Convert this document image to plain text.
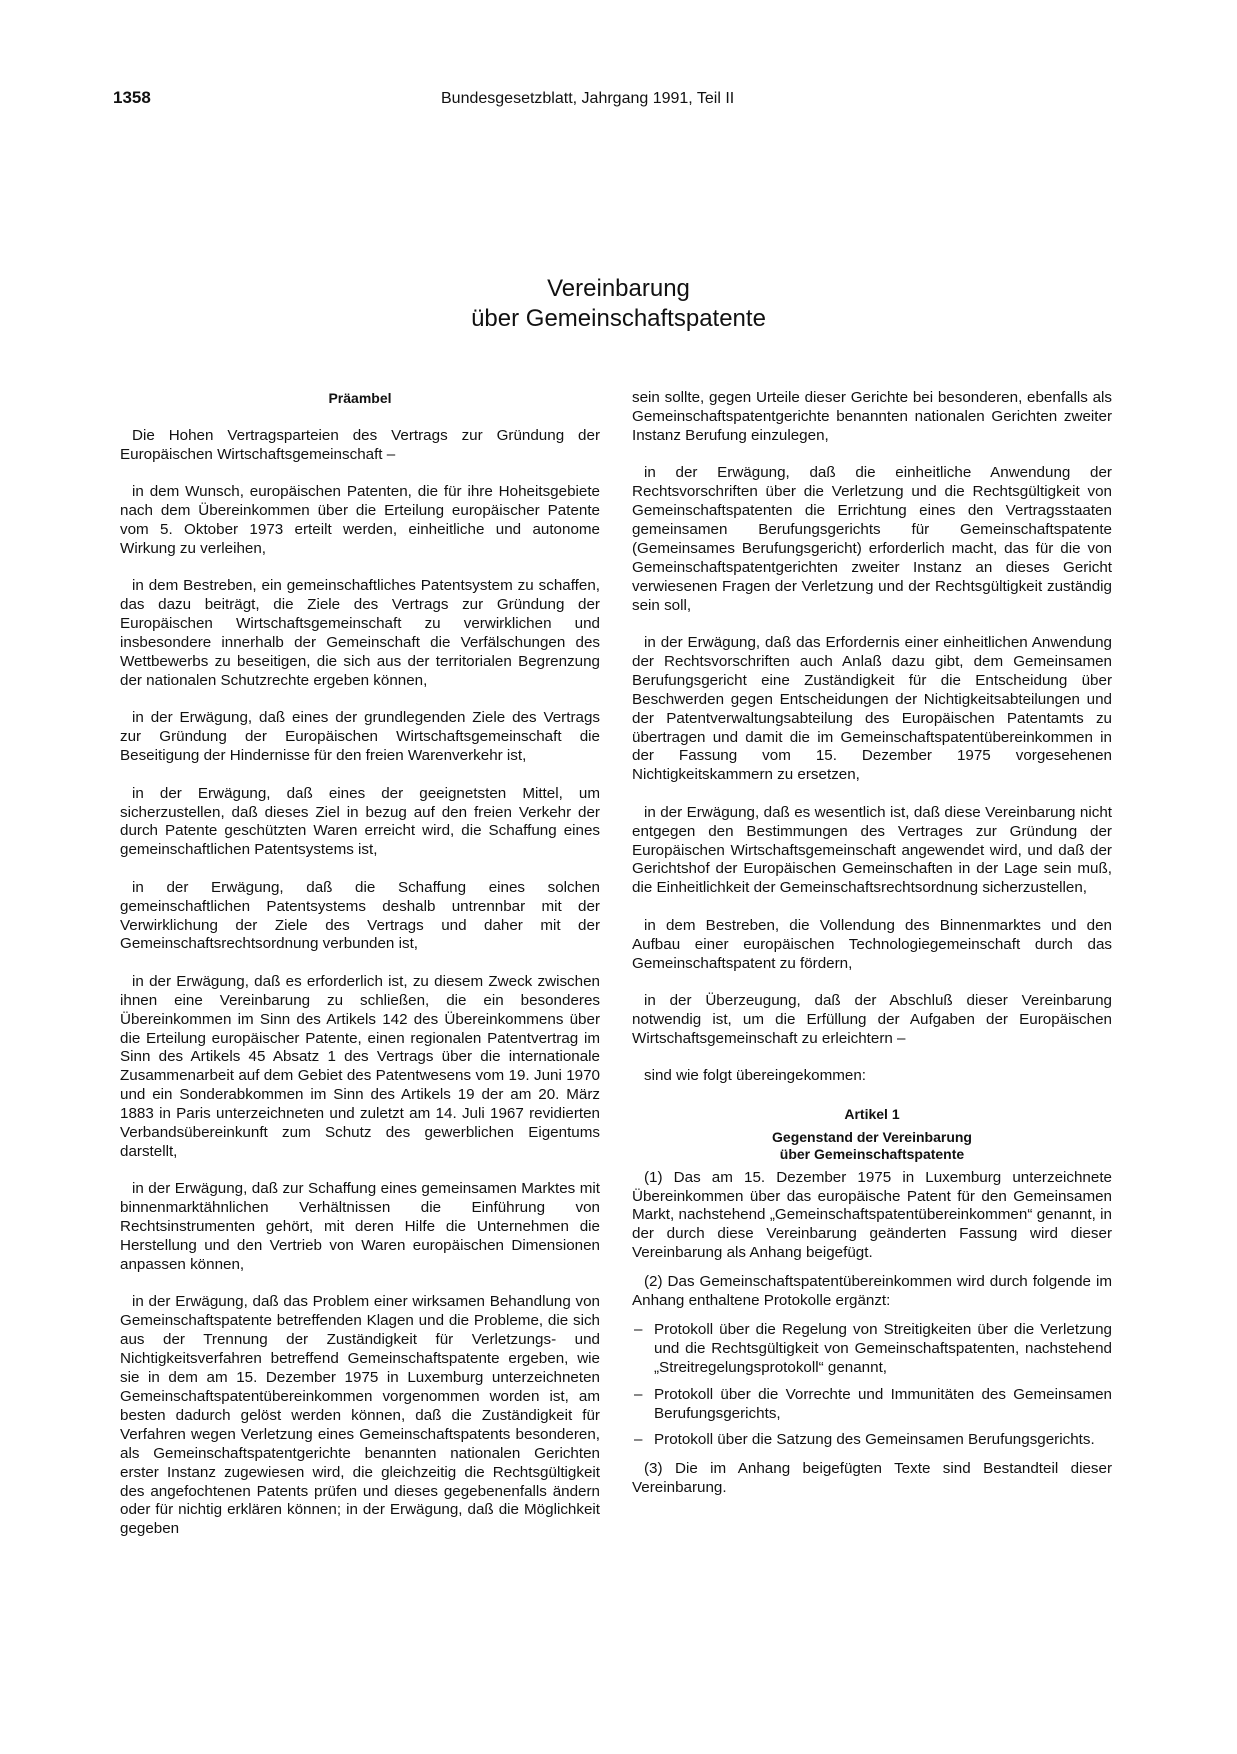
1358	Bundesgesetzblatt, Jahrgang 1991, Teil II

Vereinbarung
über Gemeinschaftspatente
Präambel

Die Hohen Vertragsparteien des Vertrags zur Gründung der Europäischen Wirtschaftsgemeinschaft –

in dem Wunsch, europäischen Patenten, die für ihre Hoheitsgebiete nach dem Übereinkommen über die Erteilung europäischer Patente vom 5. Oktober 1973 erteilt werden, einheitliche und autonome Wirkung zu verleihen,

in dem Bestreben, ein gemeinschaftliches Patentsystem zu schaffen, das dazu beiträgt, die Ziele des Vertrags zur Gründung der Europäischen Wirtschaftsgemeinschaft zu verwirklichen und insbesondere innerhalb der Gemeinschaft die Verfälschungen des Wettbewerbs zu beseitigen, die sich aus der territorialen Begrenzung der nationalen Schutzrechte ergeben können,

in der Erwägung, daß eines der grundlegenden Ziele des Vertrags zur Gründung der Europäischen Wirtschaftsgemeinschaft die Beseitigung der Hindernisse für den freien Warenverkehr ist,

in der Erwägung, daß eines der geeignetsten Mittel, um sicherzustellen, daß dieses Ziel in bezug auf den freien Verkehr der durch Patente geschützten Waren erreicht wird, die Schaffung eines gemeinschaftlichen Patentsystems ist,

in der Erwägung, daß die Schaffung eines solchen gemeinschaftlichen Patentsystems deshalb untrennbar mit der Verwirklichung der Ziele des Vertrags und daher mit der Gemeinschaftsrechtsordnung verbunden ist,

in der Erwägung, daß es erforderlich ist, zu diesem Zweck zwischen ihnen eine Vereinbarung zu schließen, die ein besonderes Übereinkommen im Sinn des Artikels 142 des Übereinkommens über die Erteilung europäischer Patente, einen regionalen Patentvertrag im Sinn des Artikels 45 Absatz 1 des Vertrags über die internationale Zusammenarbeit auf dem Gebiet des Patentwesens vom 19. Juni 1970 und ein Sonderabkommen im Sinn des Artikels 19 der am 20. März 1883 in Paris unterzeichneten und zuletzt am 14. Juli 1967 revidierten Verbandsübereinkunft zum Schutz des gewerblichen Eigentums darstellt,

in der Erwägung, daß zur Schaffung eines gemeinsamen Marktes mit binnenmarktähnlichen Verhältnissen die Einführung von Rechtsinstrumenten gehört, mit deren Hilfe die Unternehmen die Herstellung und den Vertrieb von Waren europäischen Dimensionen anpassen können,

in der Erwägung, daß das Problem einer wirksamen Behandlung von Gemeinschaftspatente betreffenden Klagen und die Probleme, die sich aus der Trennung der Zuständigkeit für Verletzungs- und Nichtigkeitsverfahren betreffend Gemeinschaftspatente ergeben, wie sie in dem am 15. Dezember 1975 in Luxemburg unterzeichneten Gemeinschaftspatentübereinkommen vorgenommen worden ist, am besten dadurch gelöst werden können, daß die Zuständigkeit für Verfahren wegen Verletzung eines Gemeinschaftspatents besonderen, als Gemeinschaftspatentgerichte benannten nationalen Gerichten erster Instanz zugewiesen wird, die gleichzeitig die Rechtsgültigkeit des angefochtenen Patents prüfen und dieses gegebenenfalls ändern oder für nichtig erklären können; in der Erwägung, daß die Möglichkeit gegeben

sein sollte, gegen Urteile dieser Gerichte bei besonderen, ebenfalls als Gemeinschaftspatentgerichte benannten nationalen Gerichten zweiter Instanz Berufung einzulegen,

in der Erwägung, daß die einheitliche Anwendung der Rechtsvorschriften über die Verletzung und die Rechtsgültigkeit von Gemeinschaftspatenten die Errichtung eines den Vertragsstaaten gemeinsamen Berufungsgerichts für Gemeinschaftspatente (Gemeinsames Berufungsgericht) erforderlich macht, das für die von Gemeinschaftspatentgerichten zweiter Instanz an dieses Gericht verwiesenen Fragen der Verletzung und der Rechtsgültigkeit zuständig sein soll,

in der Erwägung, daß das Erfordernis einer einheitlichen Anwendung der Rechtsvorschriften auch Anlaß dazu gibt, dem Gemeinsamen Berufungsgericht eine Zuständigkeit für die Entscheidung über Beschwerden gegen Entscheidungen der Nichtigkeitsabteilungen und der Patentverwaltungsabteilung des Europäischen Patentamts zu übertragen und damit die im Gemeinschaftspatentübereinkommen in der Fassung vom 15. Dezember 1975 vorgesehenen Nichtigkeitskammern zu ersetzen,

in der Erwägung, daß es wesentlich ist, daß diese Vereinbarung nicht entgegen den Bestimmungen des Vertrages zur Gründung der Europäischen Wirtschaftsgemeinschaft angewendet wird, und daß der Gerichtshof der Europäischen Gemeinschaften in der Lage sein muß, die Einheitlichkeit der Gemeinschaftsrechtsordnung sicherzustellen,

in dem Bestreben, die Vollendung des Binnenmarktes und den Aufbau einer europäischen Technologiegemeinschaft durch das Gemeinschaftspatent zu fördern,

in der Überzeugung, daß der Abschluß dieser Vereinbarung notwendig ist, um die Erfüllung der Aufgaben der Europäischen Wirtschaftsgemeinschaft zu erleichtern –

sind wie folgt übereingekommen:

Artikel 1
Gegenstand der Vereinbarung
über Gemeinschaftspatente

(1) Das am 15. Dezember 1975 in Luxemburg unterzeichnete Übereinkommen über das europäische Patent für den Gemeinsamen Markt, nachstehend „Gemeinschaftspatentübereinkommen“ genannt, in der durch diese Vereinbarung geänderten Fassung wird dieser Vereinbarung als Anhang beigefügt.

(2) Das Gemeinschaftspatentübereinkommen wird durch folgende im Anhang enthaltene Protokolle ergänzt:

– Protokoll über die Regelung von Streitigkeiten über die Verletzung und die Rechtsgültigkeit von Gemeinschaftspatenten, nachstehend „Streitregelungsprotokoll“ genannt,
– Protokoll über die Vorrechte und Immunitäten des Gemeinsamen Berufungsgerichts,
– Protokoll über die Satzung des Gemeinsamen Berufungsgerichts.

(3) Die im Anhang beigefügten Texte sind Bestandteil dieser Vereinbarung.
